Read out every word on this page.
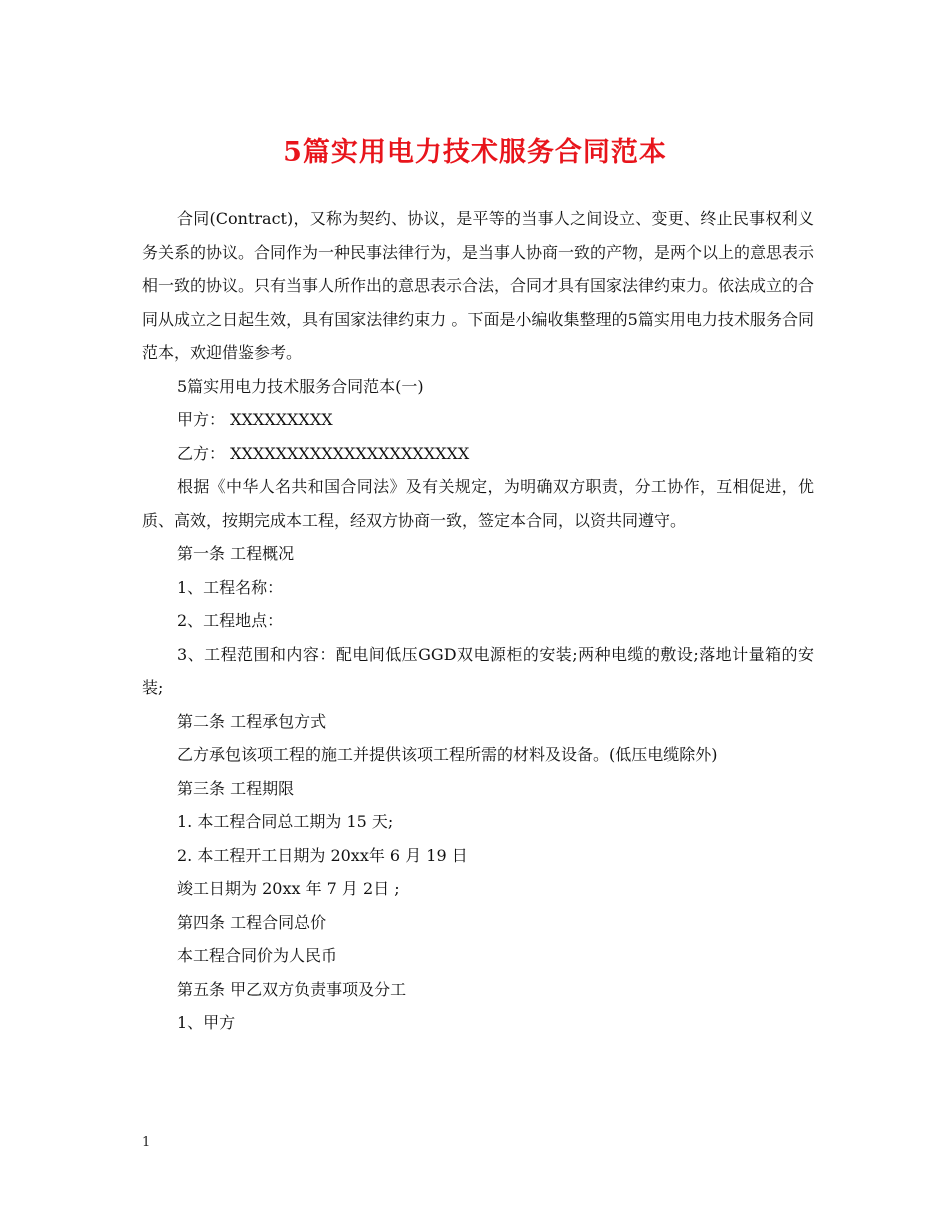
5篇实用电力技术服务合同范本

合同(Contract)，又称为契约、协议，是平等的当事人之间设立、变更、终止民事权利义务关系的协议。合同作为一种民事法律行为，是当事人协商一致的产物，是两个以上的意思表示相一致的协议。只有当事人所作出的意思表示合法，合同才具有国家法律约束力。依法成立的合同从成立之日起生效，具有国家法律约束力 。下面是小编收集整理的5篇实用电力技术服务合同范本，欢迎借鉴参考。

5篇实用电力技术服务合同范本(一)

甲方： XXXXXXXXX

乙方： XXXXXXXXXXXXXXXXXXXXX

根据《中华人名共和国合同法》及有关规定，为明确双方职责，分工协作，互相促进，优质、高效，按期完成本工程，经双方协商一致，签定本合同，以资共同遵守。

第一条 工程概况

1、工程名称：

2、工程地点：

3、工程范围和内容：配电间低压GGD双电源柜的安装;两种电缆的敷设;落地计量箱的安装;

第二条 工程承包方式

乙方承包该项工程的施工并提供该项工程所需的材料及设备。(低压电缆除外)

第三条 工程期限

1. 本工程合同总工期为 15 天;

2. 本工程开工日期为 20xx年 6 月 19 日

竣工日期为 20xx 年 7 月 2日 ;

第四条 工程合同总价

本工程合同价为人民币

第五条 甲乙双方负责事项及分工

1、甲方

1
